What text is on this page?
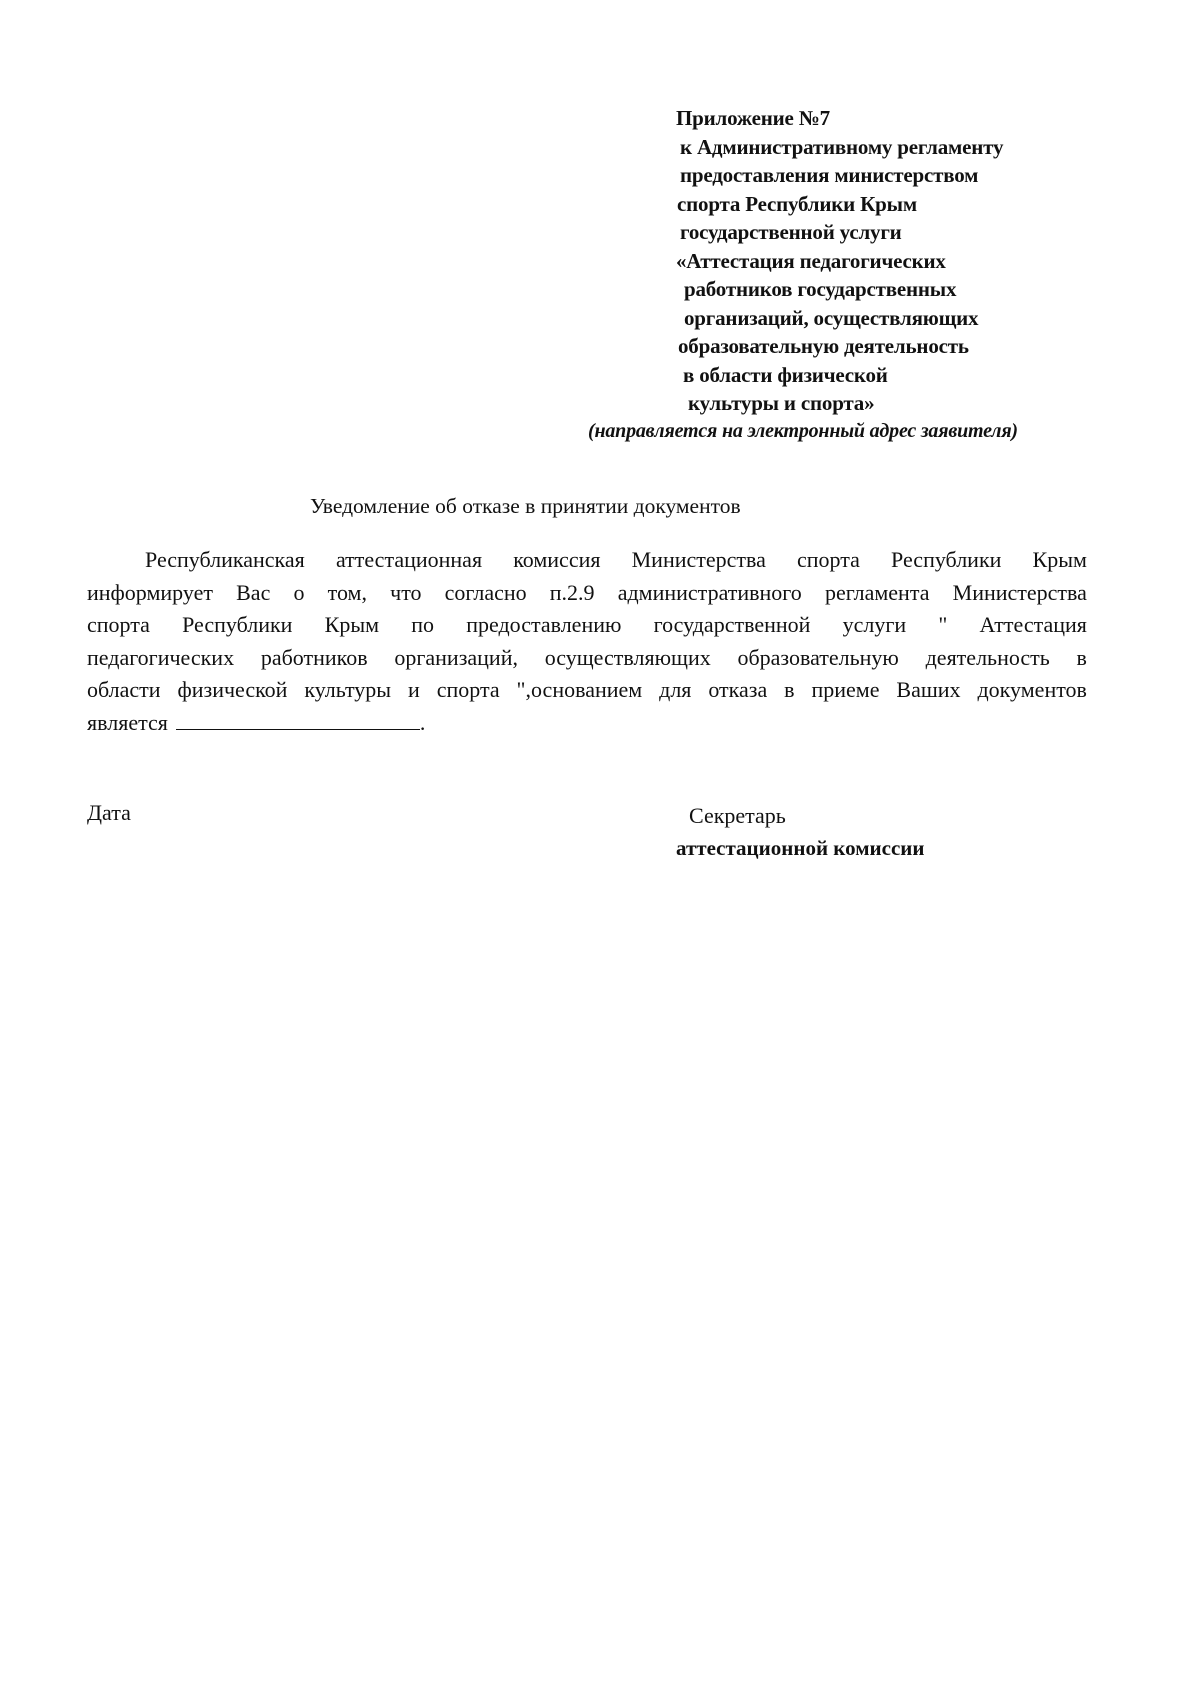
Приложение №7
к Административному регламенту
предоставления министерством
спорта Республики Крым
государственной услуги
«Аттестация педагогических
работников государственных
организаций, осуществляющих
образовательную деятельность
в области физической
культуры и спорта»
(направляется на электронный адрес заявителя)
Уведомление об отказе в принятии документов
Республиканская аттестационная комиссия Министерства спорта Республики Крым
информирует Вас о том, что согласно п.2.9 административного регламента Министерства
спорта Республики Крым по предоставлению государственной услуги " Аттестация
педагогических работников организаций, осуществляющих образовательную деятельность в
области физической культуры и спорта ",основанием для отказа в приеме Ваших документов
является	.
Дата	Секретарь
аттестационной комиссии
